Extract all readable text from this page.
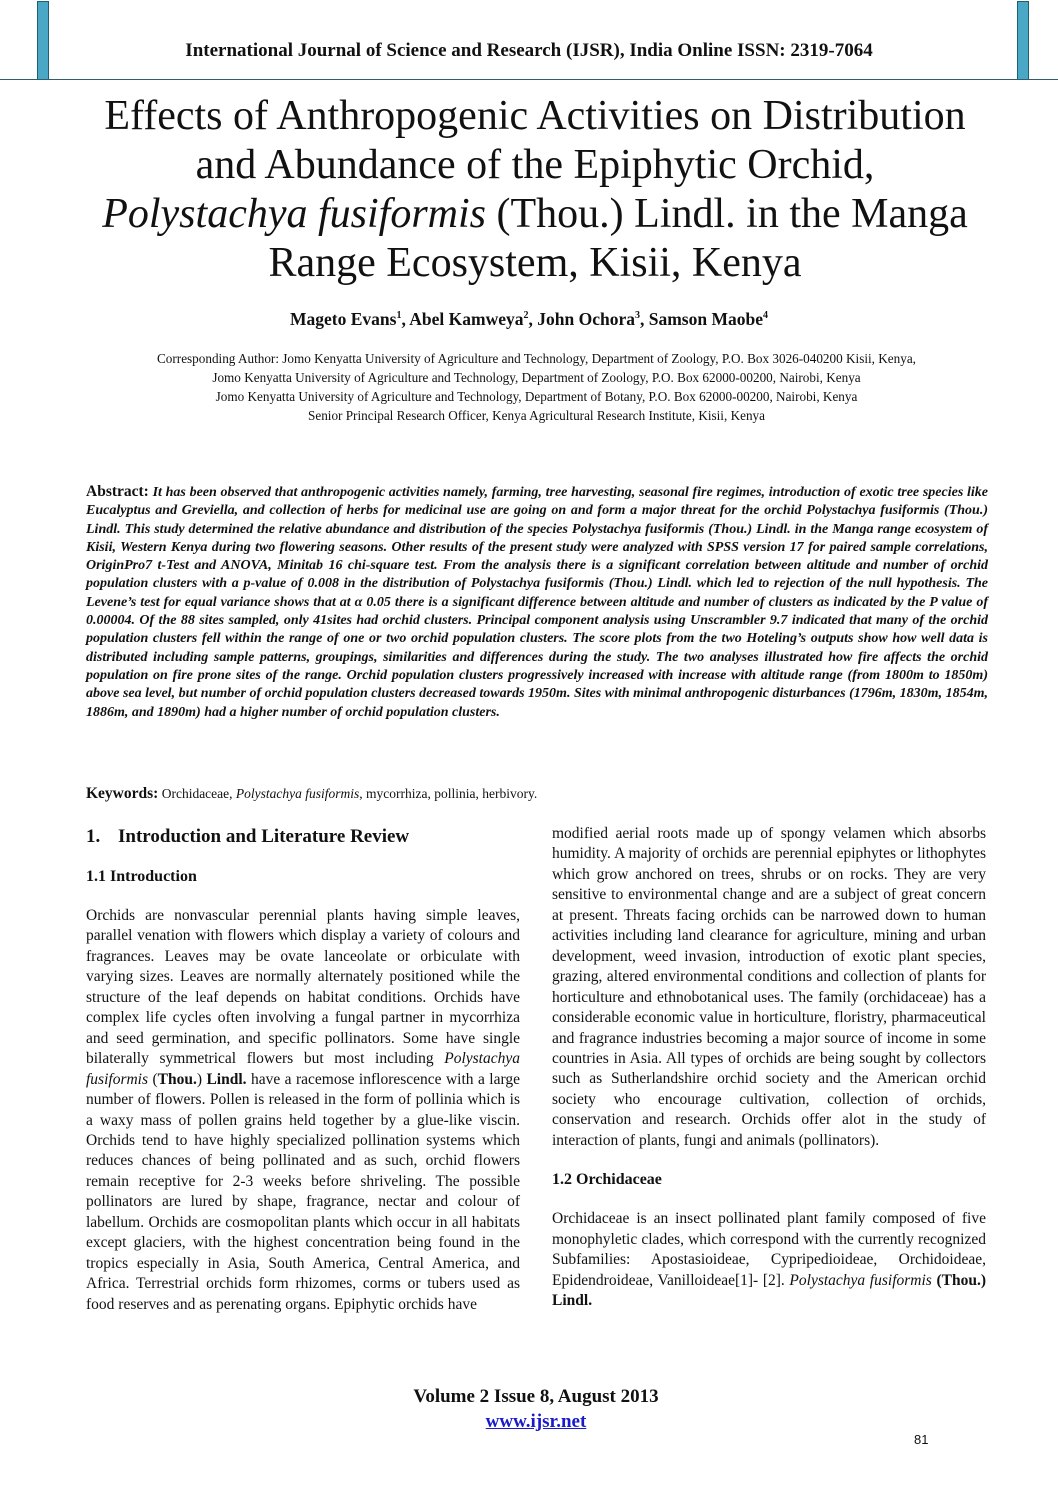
International Journal of Science and Research (IJSR), India Online ISSN: 2319-7064
Effects of Anthropogenic Activities on Distribution
and Abundance of the Epiphytic Orchid,
Polystachya fusiformis (Thou.) Lindl. in the Manga
Range Ecosystem, Kisii, Kenya
Mageto Evans$^1$, Abel Kamweya$^2$, John Ochora$^3$, Samson Maobe$^4$
Corresponding Author: Jomo Kenyatta University of Agriculture and Technology, Department of Zoology, P.O. Box 3026-040200 Kisii, Kenya,
Jomo Kenyatta University of Agriculture and Technology, Department of Zoology, P.O. Box 62000-00200, Nairobi, Kenya
Jomo Kenyatta University of Agriculture and Technology, Department of Botany, P.O. Box 62000-00200, Nairobi, Kenya
Senior Principal Research Officer, Kenya Agricultural Research Institute, Kisii, Kenya
Abstract: It has been observed that anthropogenic activities namely, farming, tree harvesting, seasonal fire regimes, introduction of exotic tree species like Eucalyptus and Greviella, and collection of herbs for medicinal use are going on and form a major threat for the orchid Polystachya fusiformis (Thou.) Lindl. This study determined the relative abundance and distribution of the species Polystachya fusiformis (Thou.) Lindl. in the Manga range ecosystem of Kisii, Western Kenya during two flowering seasons. Other results of the present study were analyzed with SPSS version 17 for paired sample correlations, OriginPro7 t-Test and ANOVA, Minitab 16 chi-square test. From the analysis there is a significant correlation between altitude and number of orchid population clusters with a p-value of 0.008 in the distribution of Polystachya fusiformis (Thou.) Lindl. which led to rejection of the null hypothesis. The Levene’s test for equal variance shows that at α 0.05 there is a significant difference between altitude and number of clusters as indicated by the P value of 0.00004. Of the 88 sites sampled, only 41sites had orchid clusters. Principal component analysis using Unscrambler 9.7 indicated that many of the orchid population clusters fell within the range of one or two orchid population clusters. The score plots from the two Hoteling’s outputs show how well data is distributed including sample patterns, groupings, similarities and differences during the study. The two analyses illustrated how fire affects the orchid population on fire prone sites of the range. Orchid population clusters progressively increased with increase with altitude range (from 1800m to 1850m) above sea level, but number of orchid population clusters decreased towards 1950m. Sites with minimal anthropogenic disturbances (1796m, 1830m, 1854m, 1886m, and 1890m) had a higher number of orchid population clusters.
Keywords: Orchidaceae, Polystachya fusiformis, mycorrhiza, pollinia, herbivory.
1. Introduction and Literature Review
1.1 Introduction

Orchids are nonvascular perennial plants having simple leaves, parallel venation with flowers which display a variety of colours and fragrances. Leaves may be ovate lanceolate or orbiculate with varying sizes. Leaves are normally alternately positioned while the structure of the leaf depends on habitat conditions. Orchids have complex life cycles often involving a fungal partner in mycorrhiza and seed germination, and specific pollinators. Some have single bilaterally symmetrical flowers but most including Polystachya fusiformis (Thou.) Lindl. have a racemose inflorescence with a large number of flowers. Pollen is released in the form of pollinia which is a waxy mass of pollen grains held together by a glue-like viscin. Orchids tend to have highly specialized pollination systems which reduces chances of being pollinated and as such, orchid flowers remain receptive for 2-3 weeks before shriveling. The possible pollinators are lured by shape, fragrance, nectar and colour of labellum. Orchids are cosmopolitan plants which occur in all habitats except glaciers, with the highest concentration being found in the tropics especially in Asia, South America, Central America, and Africa. Terrestrial orchids form rhizomes, corms or tubers used as food reserves and as perenating organs. Epiphytic orchids have

modified aerial roots made up of spongy velamen which absorbs humidity. A majority of orchids are perennial epiphytes or lithophytes which grow anchored on trees, shrubs or on rocks. They are very sensitive to environmental change and are a subject of great concern at present. Threats facing orchids can be narrowed down to human activities including land clearance for agriculture, mining and urban development, weed invasion, introduction of exotic plant species, grazing, altered environmental conditions and collection of plants for horticulture and ethnobotanical uses. The family (orchidaceae) has a considerable economic value in horticulture, floristry, pharmaceutical and fragrance industries becoming a major source of income in some countries in Asia. All types of orchids are being sought by collectors such as Sutherlandshire orchid society and the American orchid society who encourage cultivation, collection of orchids, conservation and research. Orchids offer alot in the study of interaction of plants, fungi and animals (pollinators).

1.2 Orchidaceae

Orchidaceae is an insect pollinated plant family composed of five monophyletic clades, which correspond with the currently recognized Subfamilies: Apostasioideae, Cypripedioideae, Orchidoideae, Epidendroideae, Vanilloideae[1]- [2]. Polystachya fusiformis (Thou.) Lindl.

Volume 2 Issue 8, August 2013
www.ijsr.net
81
